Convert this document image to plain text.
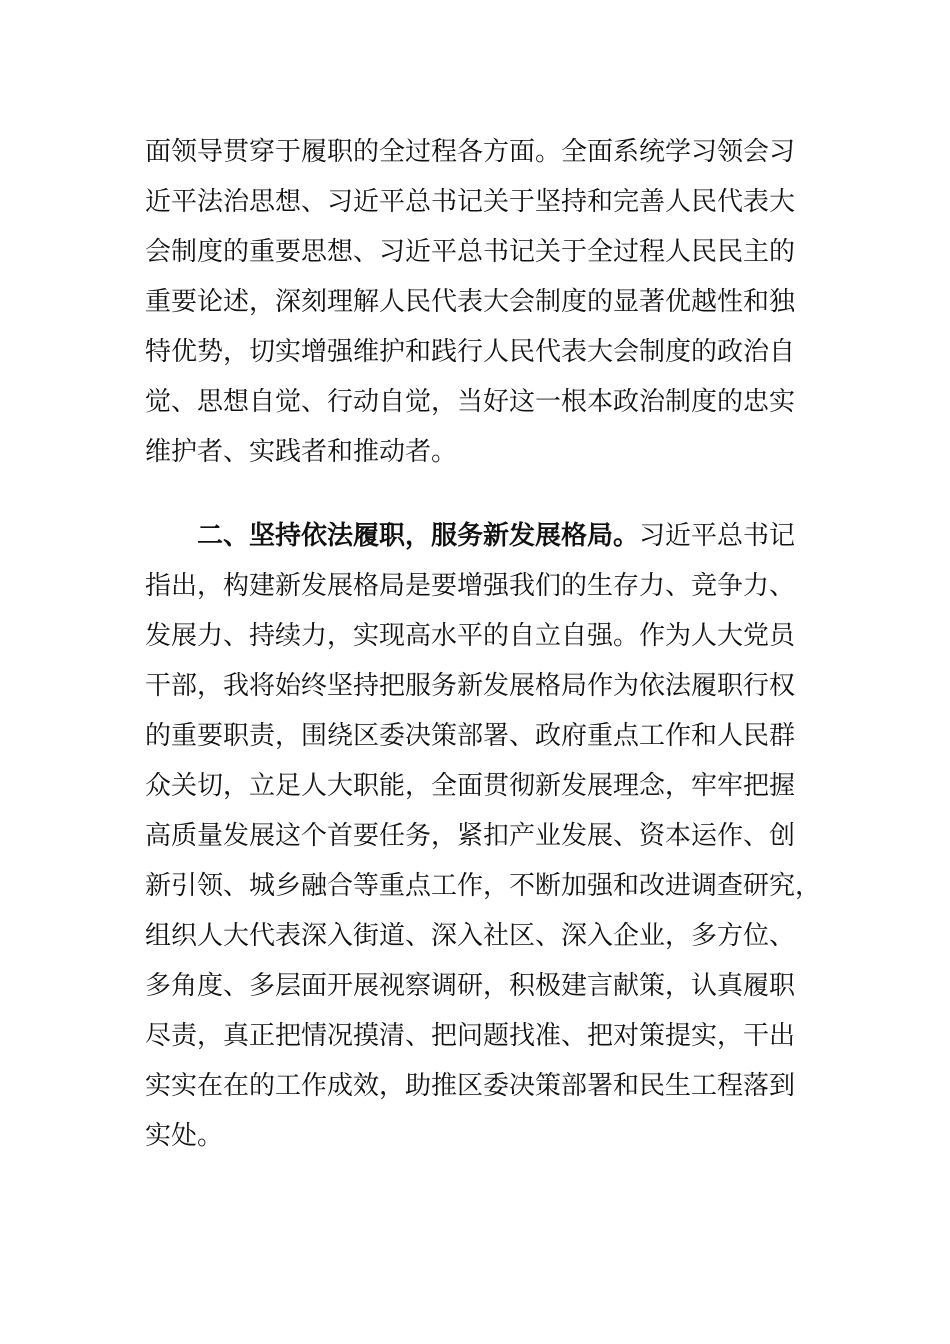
面领导贯穿于履职的全过程各方面。全面系统学习领会习
近平法治思想、习近平总书记关于坚持和完善人民代表大
会制度的重要思想、习近平总书记关于全过程人民民主的
重要论述，深刻理解人民代表大会制度的显著优越性和独
特优势，切实增强维护和践行人民代表大会制度的政治自
觉、思想自觉、行动自觉，当好这一根本政治制度的忠实
维护者、实践者和推动者。
二、坚持依法履职，服务新发展格局。习近平总书记
指出，构建新发展格局是要增强我们的生存力、竞争力、
发展力、持续力，实现高水平的自立自强。作为人大党员
干部，我将始终坚持把服务新发展格局作为依法履职行权
的重要职责，围绕区委决策部署、政府重点工作和人民群
众关切，立足人大职能，全面贯彻新发展理念，牢牢把握
高质量发展这个首要任务，紧扣产业发展、资本运作、创
新引领、城乡融合等重点工作，不断加强和改进调查研究，
组织人大代表深入街道、深入社区、深入企业，多方位、
多角度、多层面开展视察调研，积极建言献策，认真履职
尽责，真正把情况摸清、把问题找准、把对策提实，干出
实实在在的工作成效，助推区委决策部署和民生工程落到
实处。
